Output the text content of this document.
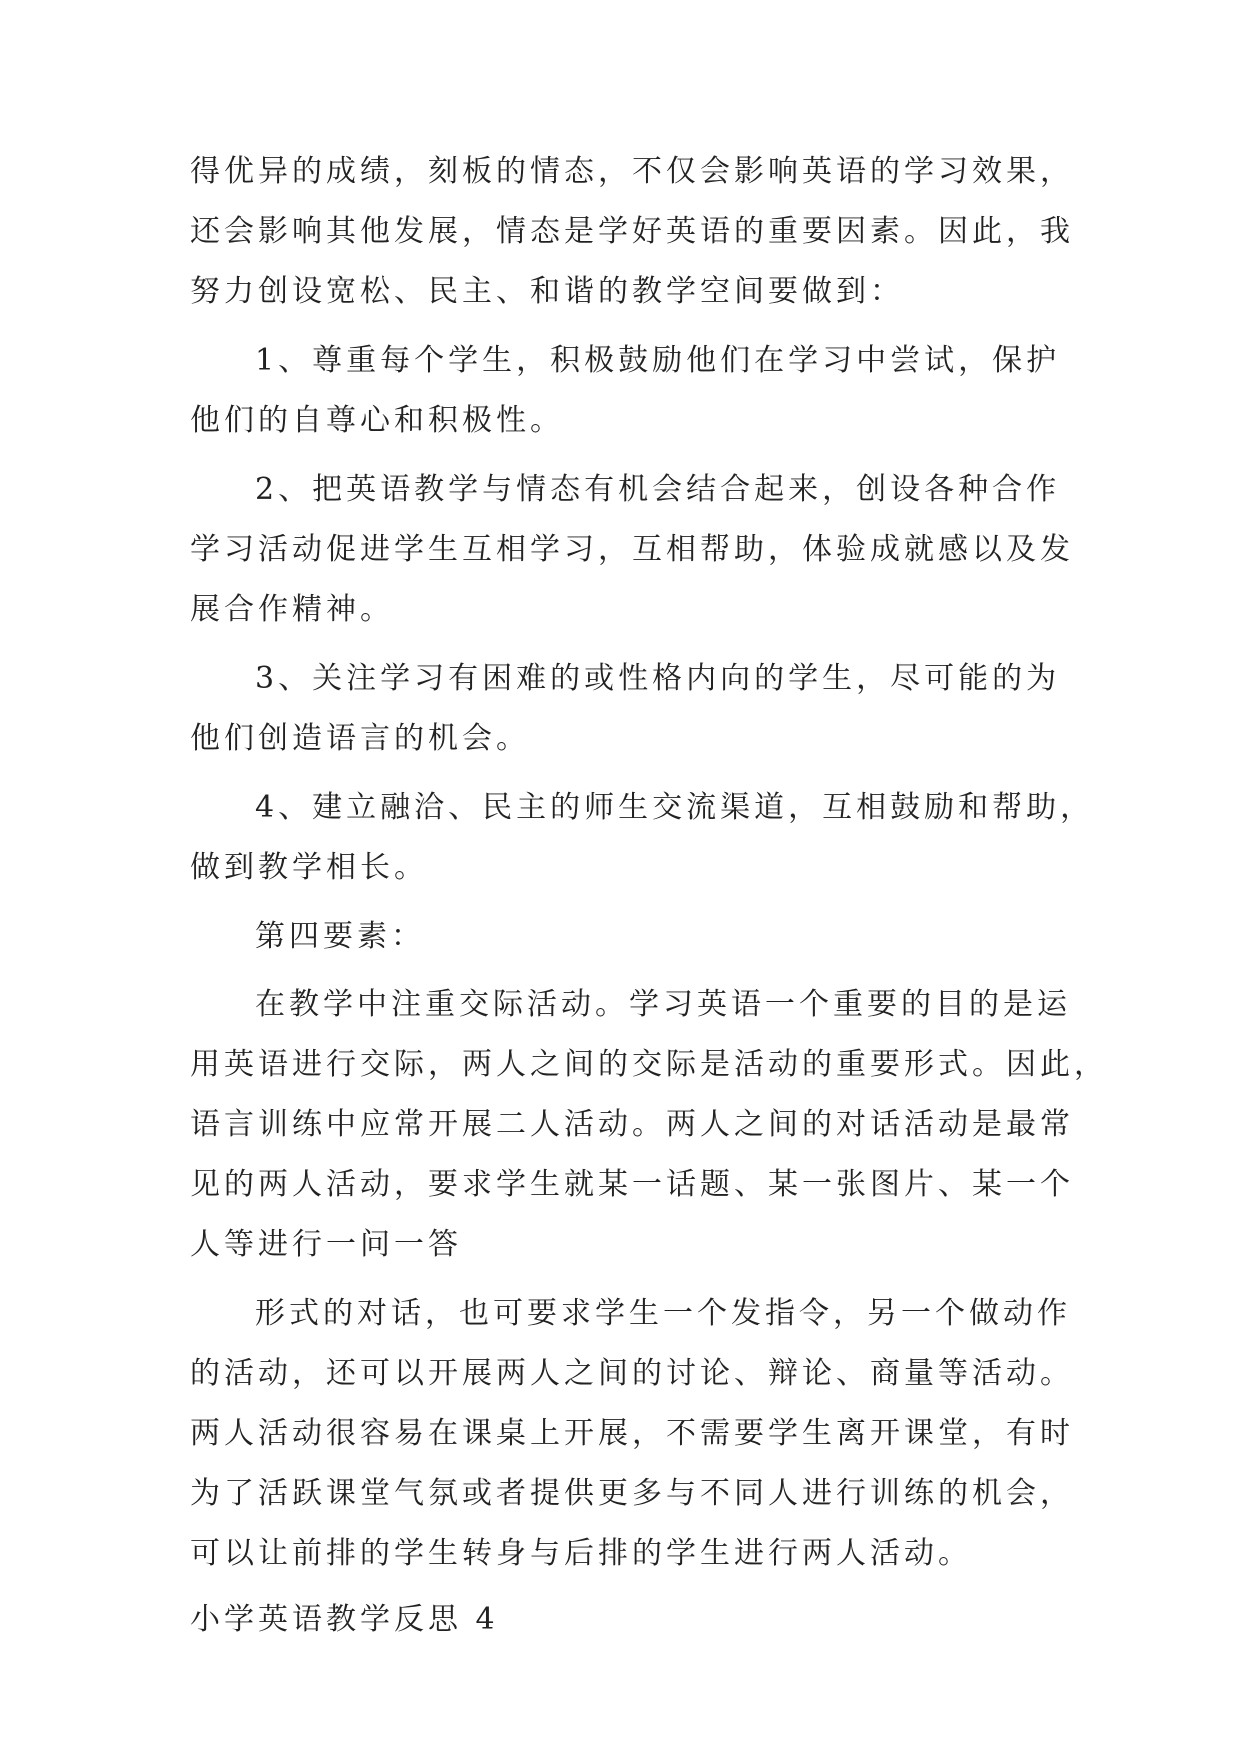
得优异的成绩，刻板的情态，不仅会影响英语的学习效果，
还会影响其他发展，情态是学好英语的重要因素。因此，我
努力创设宽松、民主、和谐的教学空间要做到：
1、尊重每个学生，积极鼓励他们在学习中尝试，保护
他们的自尊心和积极性。
2、把英语教学与情态有机会结合起来，创设各种合作
学习活动促进学生互相学习，互相帮助，体验成就感以及发
展合作精神。
3、关注学习有困难的或性格内向的学生，尽可能的为
他们创造语言的机会。
4、建立融洽、民主的师生交流渠道，互相鼓励和帮助，
做到教学相长。
第四要素：
在教学中注重交际活动。学习英语一个重要的目的是运
用英语进行交际，两人之间的交际是活动的重要形式。因此，
语言训练中应常开展二人活动。两人之间的对话活动是最常
见的两人活动，要求学生就某一话题、某一张图片、某一个
人等进行一问一答
形式的对话，也可要求学生一个发指令，另一个做动作
的活动，还可以开展两人之间的讨论、辩论、商量等活动。
两人活动很容易在课桌上开展，不需要学生离开课堂，有时
为了活跃课堂气氛或者提供更多与不同人进行训练的机会，
可以让前排的学生转身与后排的学生进行两人活动。
小学英语教学反思 4
